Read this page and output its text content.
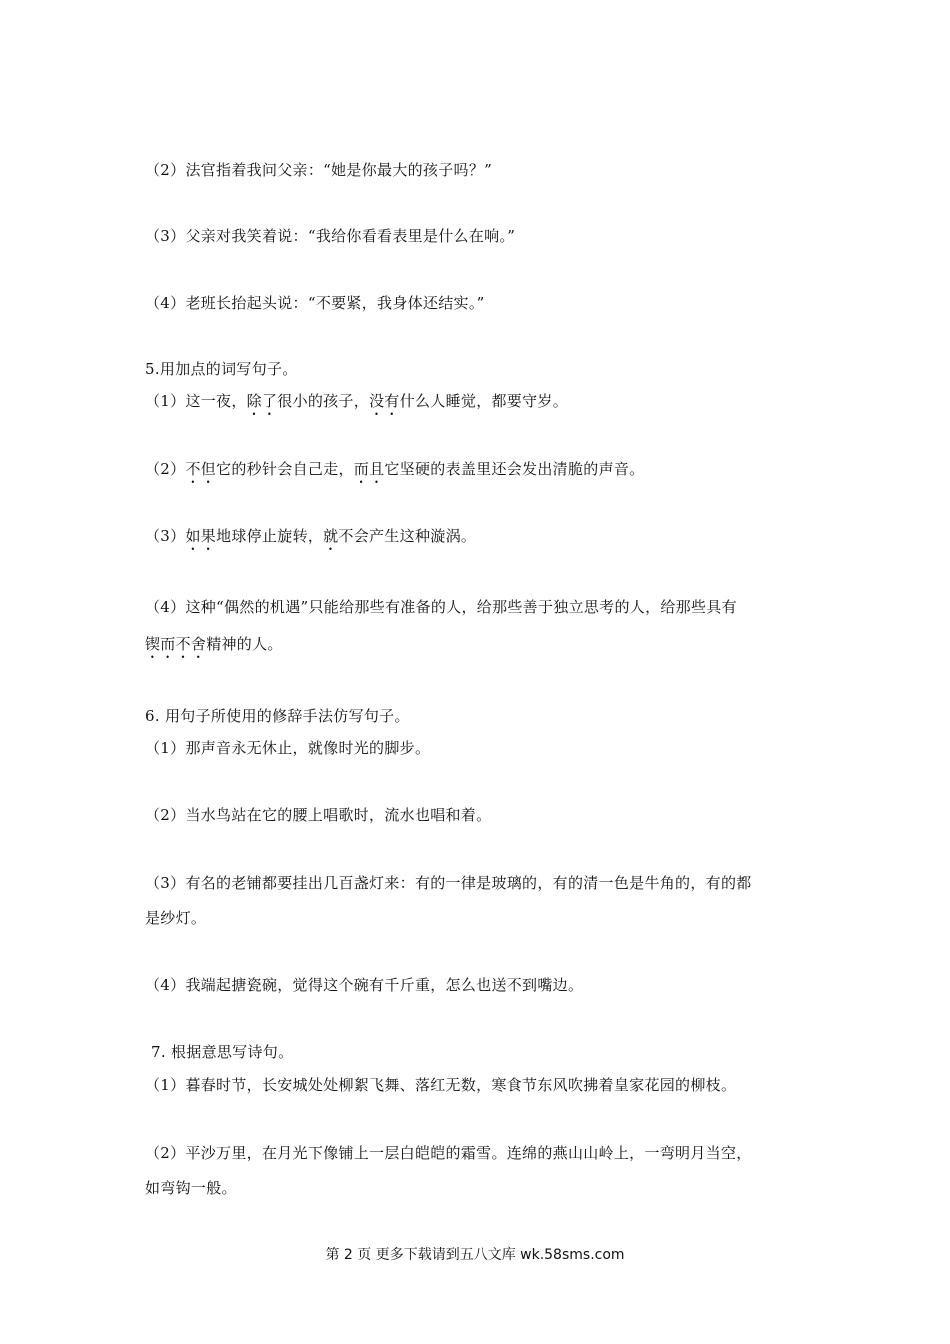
（2）法官指着我问父亲：“她是你最大的孩子吗？”
（3）父亲对我笑着说：“我给你看看表里是什么在响。”
（4）老班长抬起头说：“不要紧，我身体还结实。”
5.用加点的词写句子。
（1）这一夜，除了很小的孩子，没有什么人睡觉，都要守岁。
（2）不但它的秒针会自己走，而且它坚硬的表盖里还会发出清脆的声音。
（3）如果地球停止旋转，就不会产生这种漩涡。
（4）这种“偶然的机遇”只能给那些有准备的人，给那些善于独立思考的人，给那些具有
锲而不舍精神的人。
6. 用句子所使用的修辞手法仿写句子。
（1）那声音永无休止，就像时光的脚步。
（2）当水鸟站在它的腰上唱歌时，流水也唱和着。
（3）有名的老铺都要挂出几百盏灯来：有的一律是玻璃的，有的清一色是牛角的，有的都
是纱灯。
（4）我端起搪瓷碗，觉得这个碗有千斤重，怎么也送不到嘴边。
7. 根据意思写诗句。
（1）暮春时节，长安城处处柳絮飞舞、落红无数，寒食节东风吹拂着皇家花园的柳枝。
（2）平沙万里，在月光下像铺上一层白皑皑的霜雪。连绵的燕山山岭上，一弯明月当空，
如弯钩一般。
第 2 页 更多下载请到五八文库 wk.58sms.com
